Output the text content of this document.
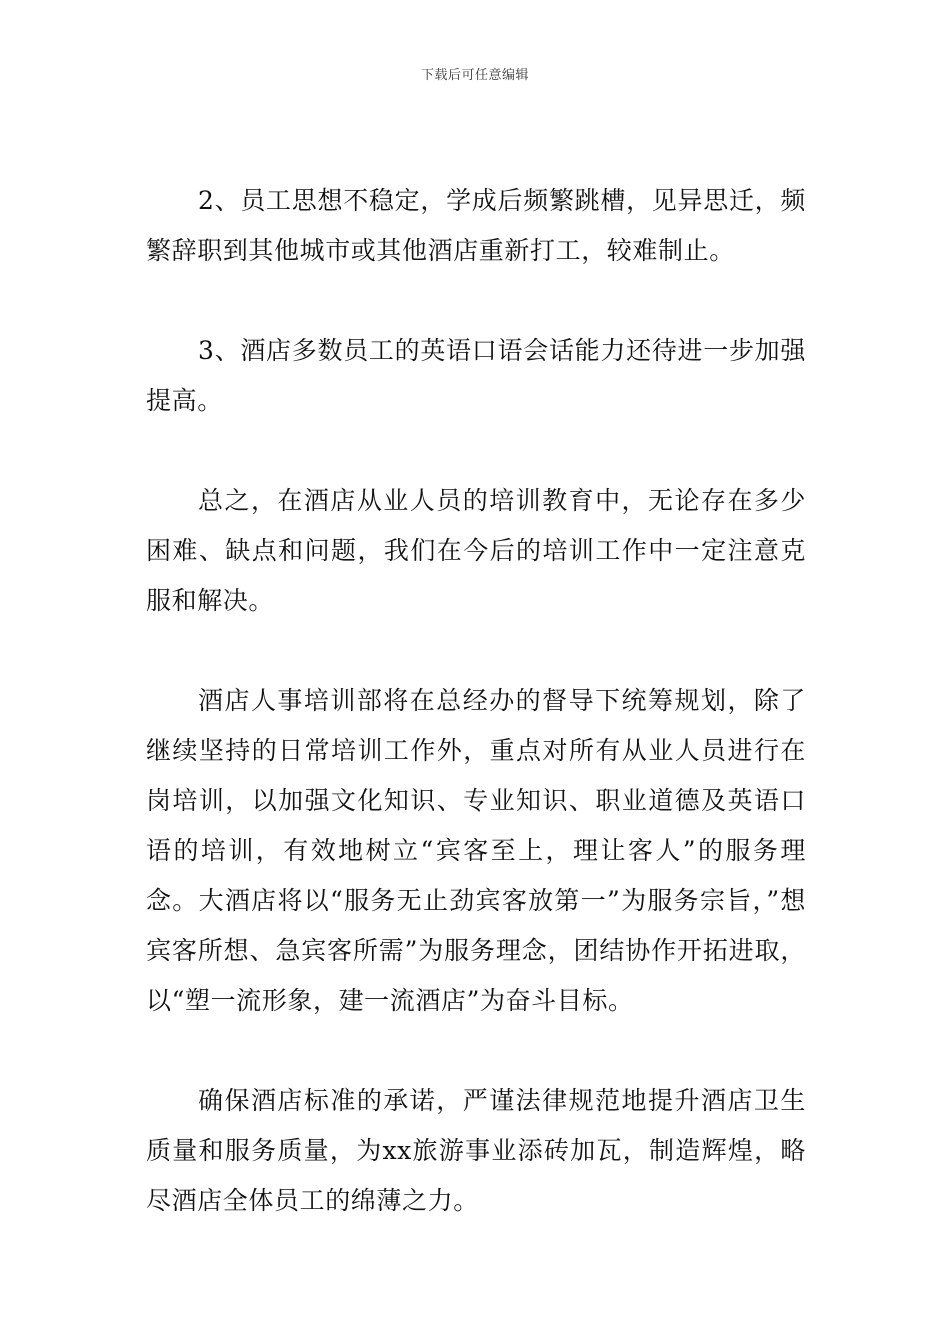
下载后可任意编辑

2、员工思想不稳定，学成后频繁跳槽，见异思迁，频繁辞职到其他城市或其他酒店重新打工，较难制止。

3、酒店多数员工的英语口语会话能力还待进一步加强提高。

总之，在酒店从业人员的培训教育中，无论存在多少困难、缺点和问题，我们在今后的培训工作中一定注意克服和解决。

酒店人事培训部将在总经办的督导下统筹规划，除了继续坚持的日常培训工作外，重点对所有从业人员进行在岗培训，以加强文化知识、专业知识、职业道德及英语口语的培训，有效地树立“宾客至上，理让客人”的服务理念。大酒店将以“服务无止劲宾客放第一”为服务宗旨，”想宾客所想、急宾客所需”为服务理念，团结协作开拓进取，以“塑一流形象，建一流酒店”为奋斗目标。

确保酒店标准的承诺，严谨法律规范地提升酒店卫生质量和服务质量，为xx旅游事业添砖加瓦，制造辉煌，略尽酒店全体员工的绵薄之力。
